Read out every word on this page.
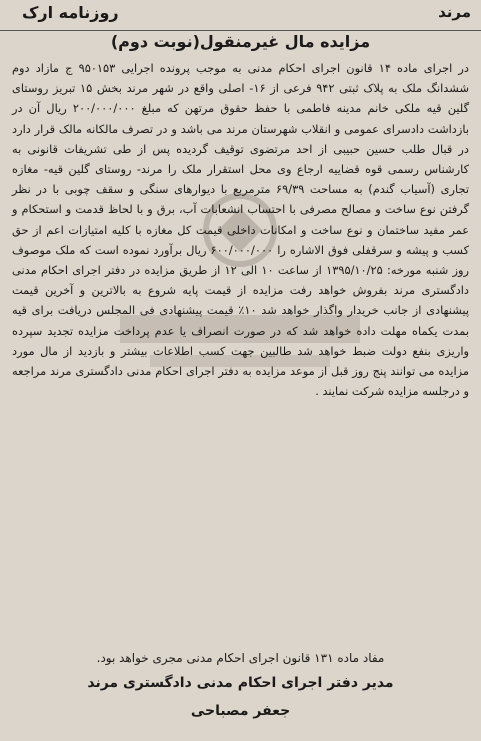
مرند
روزنامه ارک
مزایده مال غیرمنقول(نوبت دوم)

در اجرای ماده ۱۴ قانون اجرای احکام مدنی به موجب پرونده اجرایی ۹۵۰۱۵۳ ج مازاد دوم ششدانگ ملک به پلاک ثبتی ۹۴۲ فرعی از ۱۶- اصلی واقع در شهر مرند بخش ۱۵ تبریز روستای گلین قیه ملکی خانم مدینه فاطمی با حفظ حقوق مرتهن که مبلغ ۲۰۰/۰۰۰/۰۰۰ ریال آن در بازداشت دادسرای عمومی و انقلاب شهرستان مرند می باشد و در تصرف مالکانه مالک قرار دارد در قبال طلب حسین حبیبی از احد مرتضوی توقیف گردیده پس از طی تشریفات قانونی به کارشناس رسمی قوه قضاییه ارجاع وی محل استقرار ملک را مرند- روستای گلین قیه- مغازه تجاری (آسیاب گندم) به مساحت ۶۹/۳۹ مترمربع با دیوارهای سنگی و سقف چوبی با در نظر گرفتن نوع ساخت و مصالح مصرفی با احتساب انشعابات آب، برق و با لحاظ قدمت و استحکام و عمر مفید ساختمان و نوع ساخت و امکانات داخلی قیمت کل مغازه با کلیه امتیازات اعم از حق کسب و پیشه و سرقفلی فوق الاشاره را ۶۰۰/۰۰۰/۰۰۰ ریال برآورد نموده است که ملک موصوف روز شنبه مورخه: ۱۳۹۵/۱۰/۲۵ از ساعت ۱۰ الی ۱۲ از طریق مزایده در دفتر اجرای احکام مدنی دادگستری مرند بفروش خواهد رفت مزایده از قیمت پایه شروع به بالاترین و آخرین قیمت پیشنهادی از جانب خریدار واگذار خواهد شد ۱۰٪ قیمت پیشنهادی فی المجلس دریافت برای قیه بمدت یکماه مهلت داده خواهد شد که در صورت انصراف یا عدم پرداخت مزایده تجدید سپرده واریزی بنفع دولت ضبط خواهد شد طالبین جهت کسب اطلاعات بیشتر و بازدید از مال مورد مزایده می توانند پنج روز قبل از موعد مزایده به دفتر اجرای احکام مدنی دادگستری مرند مراجعه و درجلسه مزایده شرکت نمایند .

مفاد ماده ۱۳۱ قانون اجرای احکام مدنی مجری خواهد بود.
مدیر دفتر اجرای احکام مدنی دادگستری مرند
جعفر مصباحی
